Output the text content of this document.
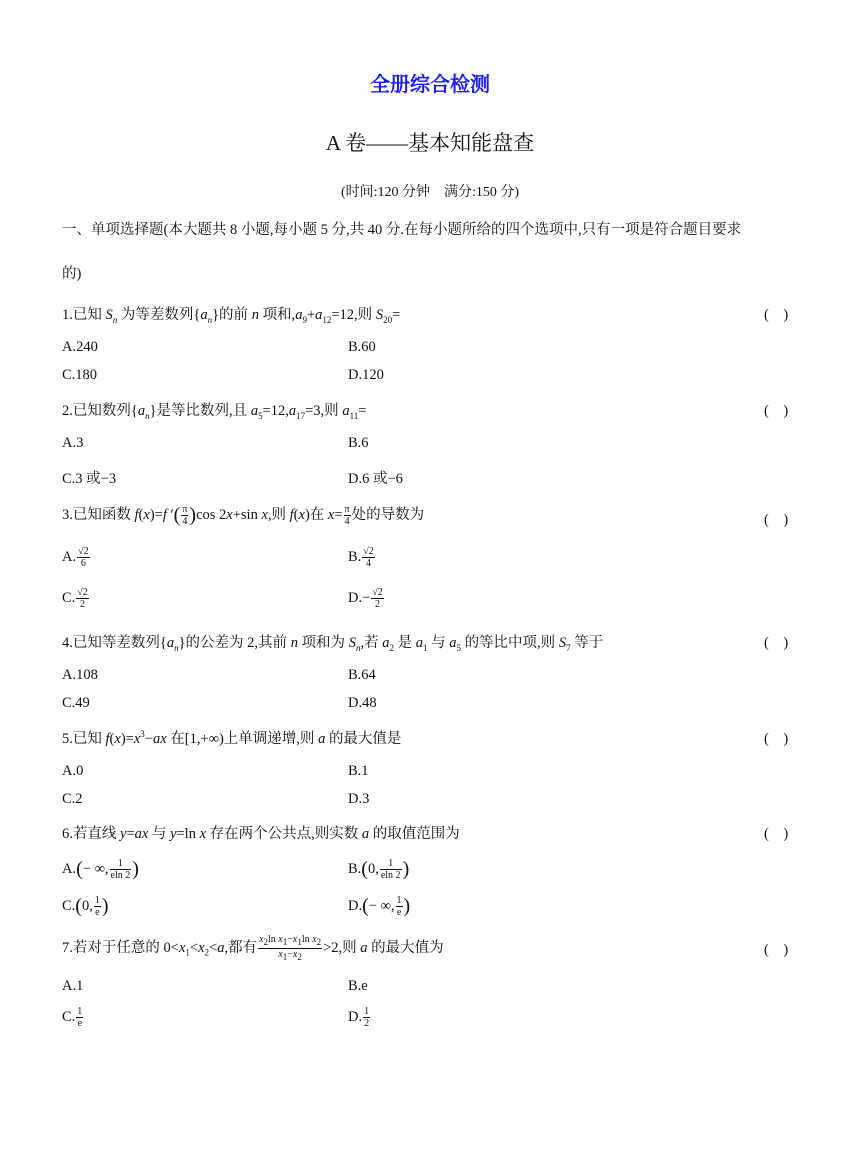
全册综合检测
A 卷——基本知能盘查
(时间:120 分钟　满分:150 分)
一、单项选择题(本大题共 8 小题,每小题 5 分,共 40 分.在每小题所给的四个选项中,只有一项是符合题目要求
的)
1.已知 $S_n$ 为等差数列$\{a_n\}$的前 n 项和$,a_9+a_{12}=12$,则 $S_{20}=$	(　)
A.240	B.60
C.180	D.120
2.已知数列$\{a_n\}$是等比数列,且 $a_5=12,a_{17}=3$,则 $a_{11}=$	(　)
A.3	B.6
C.3 或−3	D.6 或−6
3.已知函数 f(x)=f ′( $\frac{\pi}{4} )\cos$ 2x+sin x,则 f(x)在 $x= \frac{\pi}{4}$ 处的导数为	(　)
A. $\frac{√2}{6}$	B. $\frac{√2}{4}$
C. $\frac{√2}{2}$	$D.- \frac{√2}{2}$
4.已知等差数列$\{a_n\}$的公差为 2,其前 n 项和为 $S_n$,若 $a_2$ 是 $a_1$ 与 $a_5$ 的等比中项,则 $S_7$ 等于	(　)
A.108	B.64
C.49	D.48
5.已知 $f(x)=x^3-ax$ 在[1,+∞)上单调递增,则 a 的最大值是	(　)
A.0	B.1
C.2	D.3
6.若直线 y=ax 与 y=ln x 存在两个公共点,则实数 a 的取值范围为	(　)
A.(− ∞, $\frac{1}{eln 2}$ )	B.(0, $\frac{1}{eln 2}$ )
C.(0, $\frac{1}{e}$ )	D.(− ∞, $\frac{1}{e}$ )
7.若对于任意的 $0<x_1<x_2<a$,都有 $\frac{x_2\ln x_1-x_1\ln x_2}{x_1-x_2} >2$,则 a 的最大值为	(　)
A.1	B.e
C. $\frac{1}{e}$	D. $\frac{1}{2}$
